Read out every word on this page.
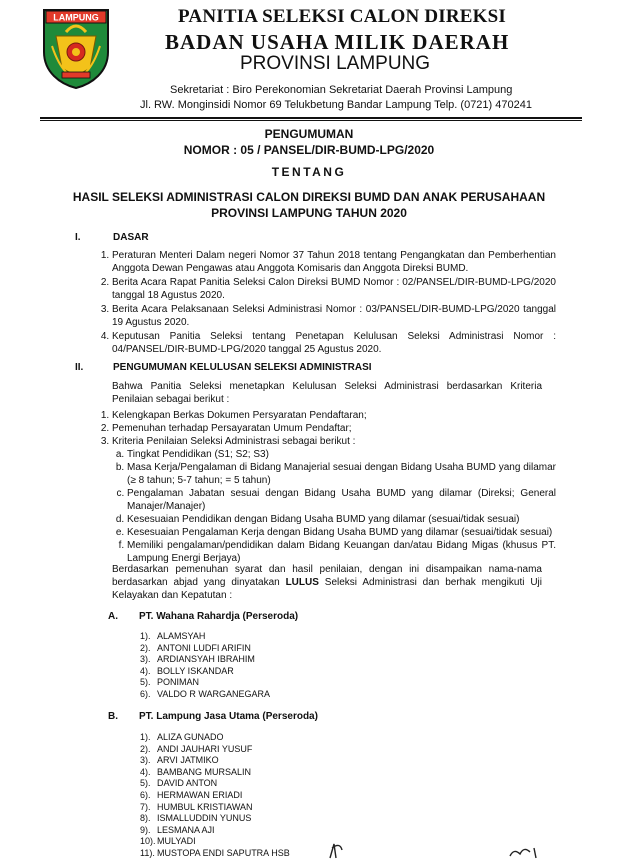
LAMPUNG	PANITIA SELEKSI CALON DIREKSI
BADAN USAHA MILIK DAERAH
PROVINSI LAMPUNG
Sekretariat : Biro Perekonomian Sekretariat Daerah Provinsi Lampung
Jl. RW. Monginsidi Nomor 69 Telukbetung Bandar Lampung Telp. (0721) 470241
PENGUMUMAN
NOMOR : 05 / PANSEL/DIR-BUMD-LPG/2020
TENTANG
HASIL SELEKSI ADMINISTRASI CALON DIREKSI BUMD DAN ANAK PERUSAHAAN
PROVINSI LAMPUNG TAHUN 2020
I.	DASAR
1. Peraturan Menteri Dalam negeri Nomor 37 Tahun 2018 tentang Pengangkatan dan Pemberhentian Anggota Dewan Pengawas atau Anggota Komisaris dan Anggota Direksi BUMD.
2. Berita Acara Rapat Panitia Seleksi Calon Direksi BUMD Nomor : 02/PANSEL/DIR-BUMD-LPG/2020 tanggal 18 Agustus 2020.
3. Berita Acara Pelaksanaan Seleksi Administrasi Nomor : 03/PANSEL/DIR-BUMD-LPG/2020 tanggal 19 Agustus 2020.
4. Keputusan Panitia Seleksi tentang Penetapan Kelulusan Seleksi Administrasi Nomor : 04/PANSEL/DIR-BUMD-LPG/2020 tanggal 25 Agustus 2020.
II.	PENGUMUMAN KELULUSAN SELEKSI ADMINISTRASI
Bahwa Panitia Seleksi menetapkan Kelulusan Seleksi Administrasi berdasarkan Kriteria Penilaian sebagai berikut :
1. Kelengkapan Berkas Dokumen Persyaratan Pendaftaran;
2. Pemenuhan terhadap Persayaratan Umum Pendaftar;
3. Kriteria Penilaian Seleksi Administrasi sebagai berikut :
a. Tingkat Pendidikan (S1; S2; S3)
b. Masa Kerja/Pengalaman di Bidang Manajerial sesuai dengan Bidang Usaha BUMD yang dilamar (≥ 8 tahun; 5-7 tahun; = 5 tahun)
c. Pengalaman Jabatan sesuai dengan Bidang Usaha BUMD yang dilamar (Direksi; General Manajer/Manajer)
d. Kesesuaian Pendidikan dengan Bidang Usaha BUMD yang dilamar (sesuai/tidak sesuai)
e. Kesesuaian Pengalaman Kerja dengan Bidang Usaha BUMD yang dilamar (sesuai/tidak sesuai)
f. Memiliki pengalaman/pendidikan dalam Bidang Keuangan dan/atau Bidang Migas (khusus PT. Lampung Energi Berjaya)
Berdasarkan pemenuhan syarat dan hasil penilaian, dengan ini disampaikan nama-nama berdasarkan abjad yang dinyatakan LULUS Seleksi Administrasi dan berhak mengikuti Uji Kelayakan dan Kepatutan :
A. PT. Wahana Rahardja (Perseroda)
1). ALAMSYAH
2). ANTONI LUDFI ARIFIN
3). ARDIANSYAH IBRAHIM
4). BOLLY ISKANDAR
5). PONIMAN
6). VALDO R WARGANEGARA
B. PT. Lampung Jasa Utama (Perseroda)
1). ALIZA GUNADO
2). ANDI JAUHARI YUSUF
3). ARVI JATMIKO
4). BAMBANG MURSALIN
5). DAVID ANTON
6). HERMAWAN ERIADI
7). HUMBUL KRISTIAWAN
8). ISMALLUDDIN YUNUS
9). LESMANA AJI
10).MULYADI
11). MUSTOPA ENDI SAPUTRA HSB
